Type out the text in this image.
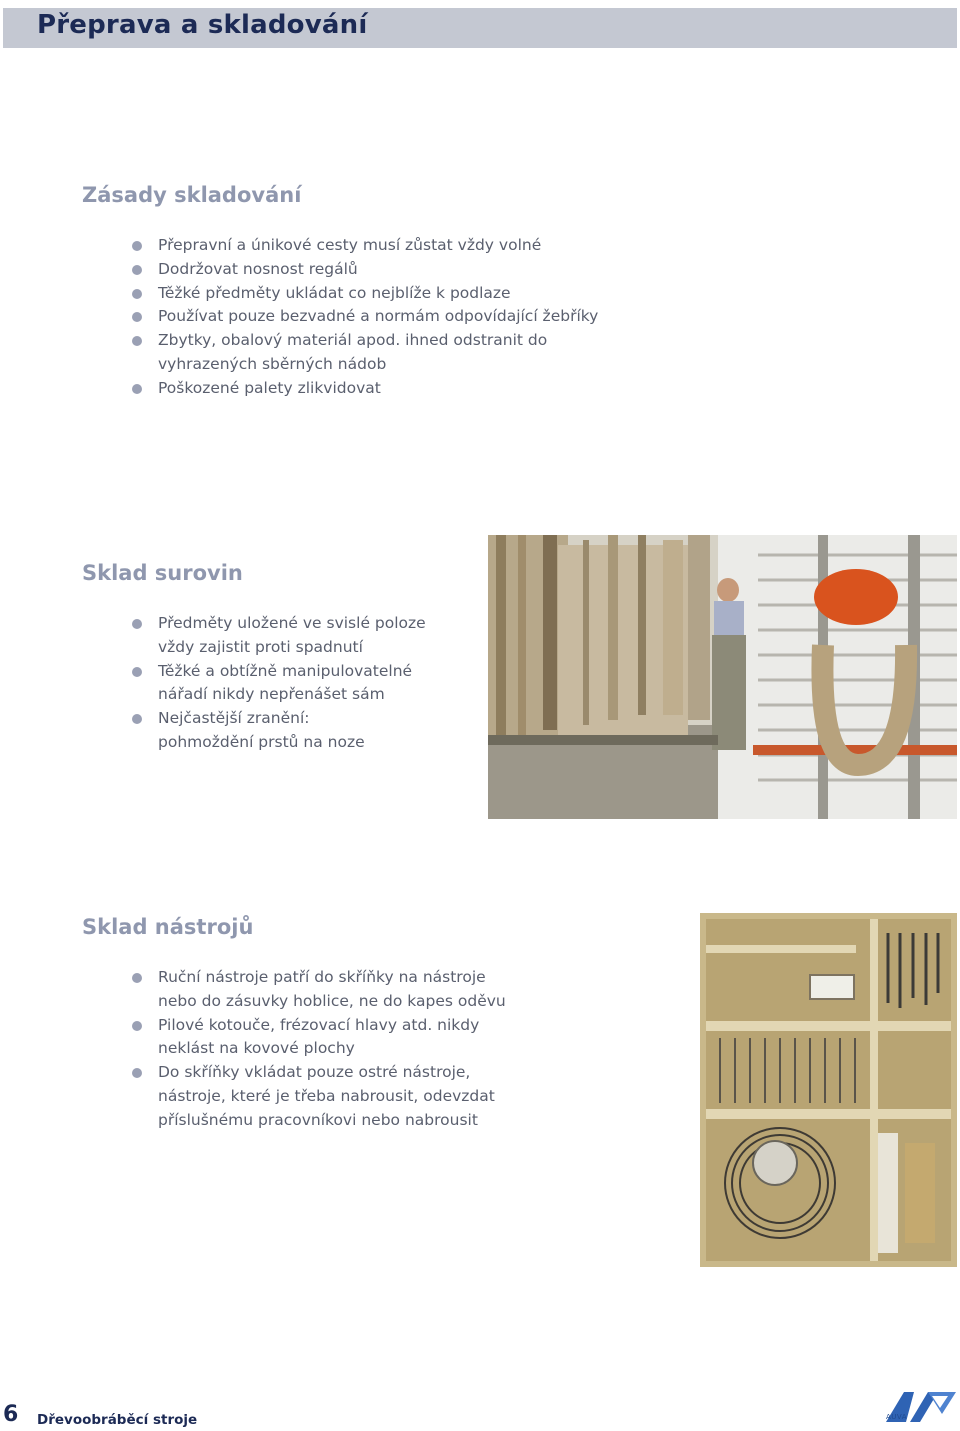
Přeprava a skladování
Zásady skladování
Přepravní a únikové cesty musí zůstat vždy volné
Dodržovat nosnost regálů
Těžké předměty ukládat co nejblíže k podlaze
Používat pouze bezvadné a normám odpovídající žebříky
Zbytky, obalový materiál apod. ihned odstranit do
vyhrazených sběrných nádob
Poškozené palety zlikvidovat
Sklad surovin
Předměty uložené ve svislé poloze
vždy zajistit proti spadnutí
Těžké a obtížně manipulovatelné
nářadí nikdy nepřenášet sám
Nejčastější zranění:
pohmoždění prstů na noze
Sklad nástrojů
Ruční nástroje patří do skříňky na nástroje
nebo do zásuvky hoblice, ne do kapes oděvu
Pilové kotouče, frézovací hlavy atd. nikdy
neklást na kovové plochy
Do skříňky vkládat pouze ostré nástroje,
nástroje, které je třeba nabrousit, odevzdat
příslušnému pracovníkovi nebo nabrousit
6 Dřevoobráběcí stroje	AUVA
